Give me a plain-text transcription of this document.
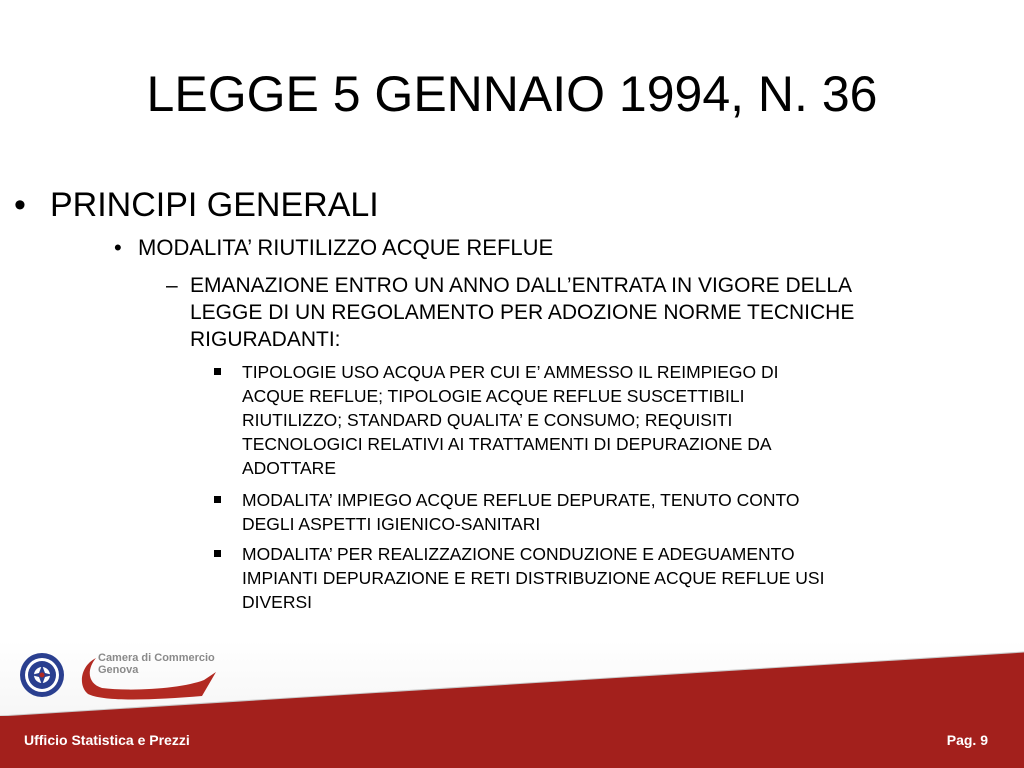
LEGGE 5 GENNAIO 1994, N. 36
• PRINCIPI GENERALI
• MODALITA’ RIUTILIZZO ACQUE REFLUE
– EMANAZIONE ENTRO UN ANNO DALL’ENTRATA IN VIGORE DELLA
LEGGE DI UN REGOLAMENTO PER ADOZIONE NORME TECNICHE
RIGURADANTI:
TIPOLOGIE USO ACQUA PER CUI E’ AMMESSO IL REIMPIEGO DI
ACQUE REFLUE; TIPOLOGIE ACQUE REFLUE SUSCETTIBILI
RIUTILIZZO; STANDARD QUALITA’ E CONSUMO; REQUISITI
TECNOLOGICI RELATIVI AI TRATTAMENTI DI DEPURAZIONE DA
ADOTTARE
MODALITA’ IMPIEGO ACQUE REFLUE DEPURATE, TENUTO CONTO
DEGLI ASPETTI IGIENICO-SANITARI
MODALITA’ PER REALIZZAZIONE CONDUZIONE E ADEGUAMENTO
IMPIANTI DEPURAZIONE E RETI DISTRIBUZIONE ACQUE REFLUE USI
DIVERSI
Camera di Commercio
Genova
Ufficio Statistica e Prezzi	Pag. 9
